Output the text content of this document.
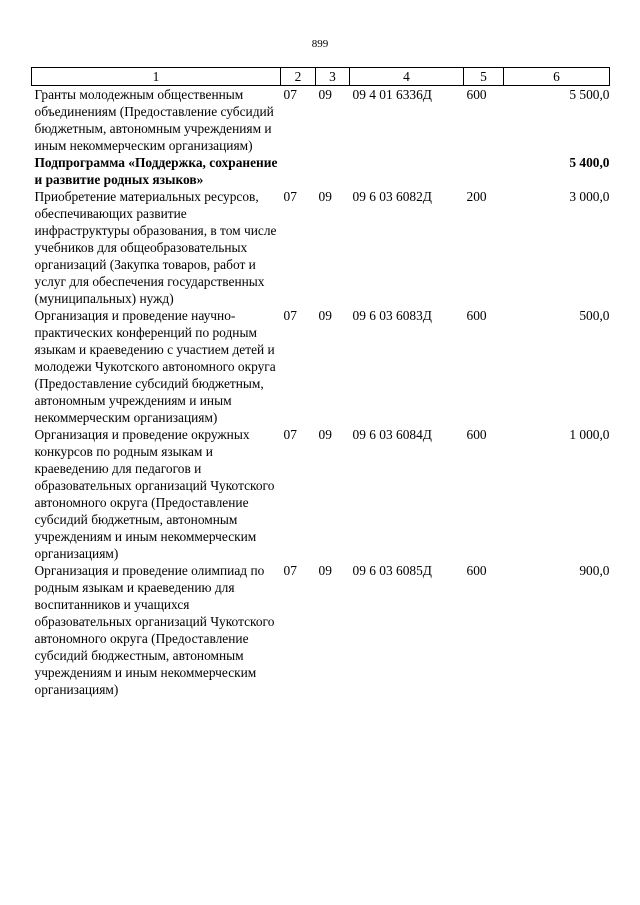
899
1	2	3	4	5	6
Гранты молодежным общественным объединениям (Предоставление субсидий бюджетным, автономным учреждениям и иным некоммерческим организациям)	07	09	09 4 01 6336Д	600	5 500,0
Подпрограмма «Поддержка, сохранение и развитие родных языков»					5 400,0
Приобретение материальных ресурсов, обеспечивающих развитие инфраструктуры образования, в том числе учебников для общеобразовательных организаций (Закупка товаров, работ и услуг для обеспечения государственных (муниципальных) нужд)	07	09	09 6 03 6082Д	200	3 000,0
Организация и проведение научно-практических конференций по родным языкам и краеведению с участием детей и молодежи Чукотского автономного округа (Предоставление субсидий бюджетным, автономным учреждениям и иным некоммерческим организациям)	07	09	09 6 03 6083Д	600	500,0
Организация и проведение окружных конкурсов по родным языкам и краеведению для педагогов и образовательных организаций Чукотского автономного округа (Предоставление субсидий бюджетным, автономным учреждениям и иным некоммерческим организациям)	07	09	09 6 03 6084Д	600	1 000,0
Организация и проведение олимпиад по родным языкам и краеведению для воспитанников и учащихся образовательных организаций Чукотского автономного округа (Предоставление субсидий бюджестным, автономным учреждениям и иным некоммерческим организациям)	07	09	09 6 03 6085Д	600	900,0
